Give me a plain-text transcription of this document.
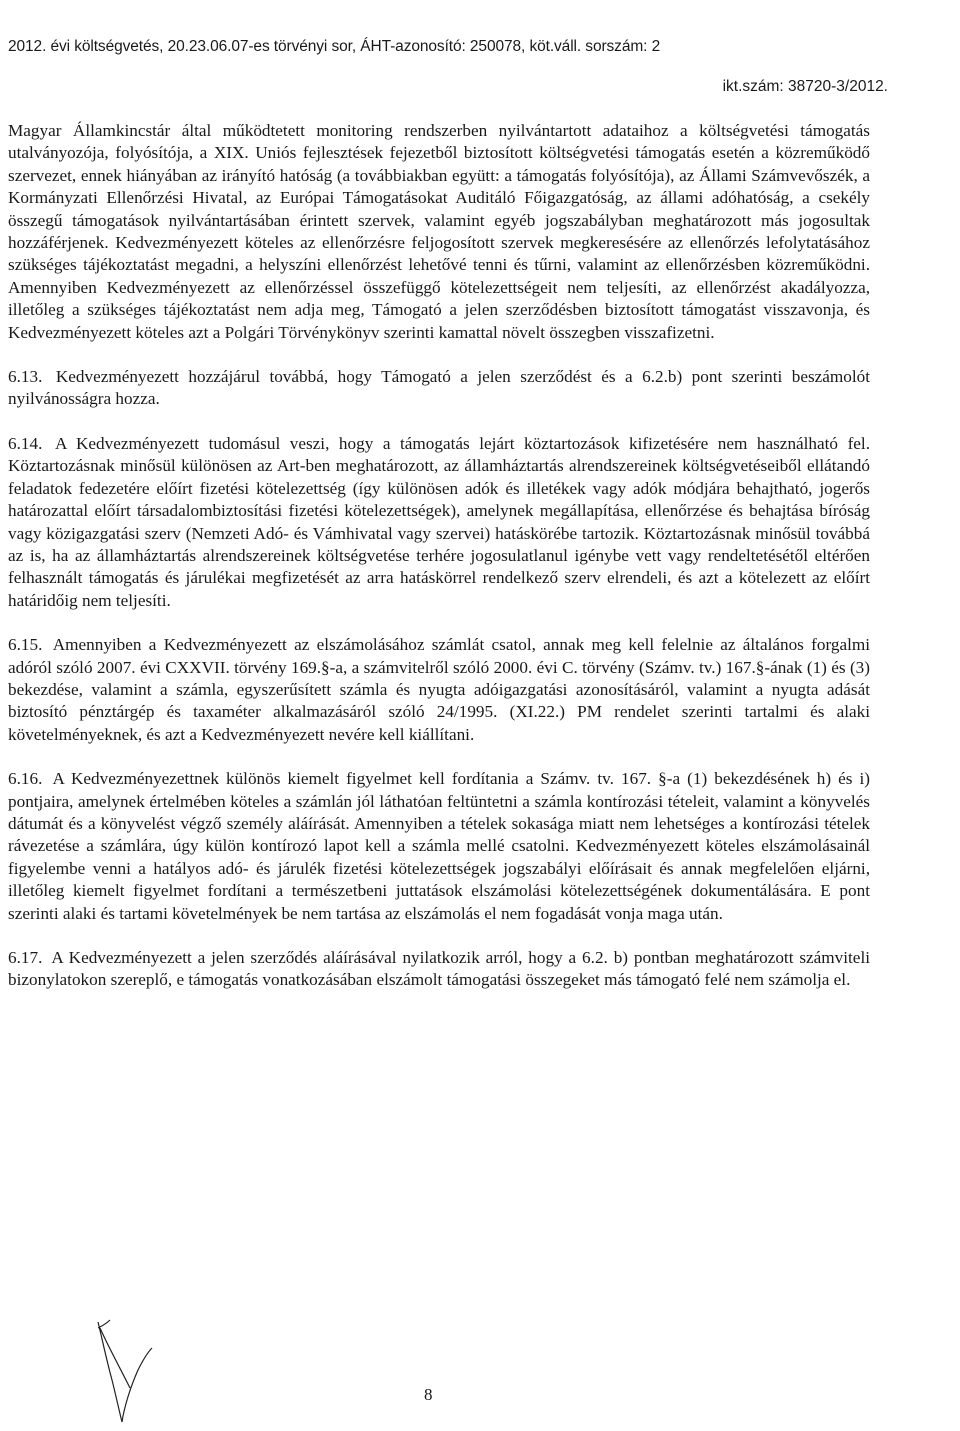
2012. évi költségvetés, 20.23.06.07-es törvényi sor, ÁHT-azonosító: 250078, köt.váll. sorszám: 2
ikt.szám: 38720-3/2012.

Magyar Államkincstár által működtetett monitoring rendszerben nyilvántartott adataihoz a költségvetési támogatás utalványozója, folyósítója, a XIX. Uniós fejlesztések fejezetből biztosított költségvetési támogatás esetén a közreműködő szervezet, ennek hiányában az irányító hatóság (a továbbiakban együtt: a támogatás folyósítója), az Állami Számvevőszék, a Kormányzati Ellenőrzési Hivatal, az Európai Támogatásokat Auditáló Főigazgatóság, az állami adóhatóság, a csekély összegű támogatások nyilvántartásában érintett szervek, valamint egyéb jogszabályban meghatározott más jogosultak hozzáférjenek. Kedvezményezett köteles az ellenőrzésre feljogosított szervek megkeresésére az ellenőrzés lefolytatásához szükséges tájékoztatást megadni, a helyszíni ellenőrzést lehetővé tenni és tűrni, valamint az ellenőrzésben közreműködni. Amennyiben Kedvezményezett az ellenőrzéssel összefüggő kötelezettségeit nem teljesíti, az ellenőrzést akadályozza, illetőleg a szükséges tájékoztatást nem adja meg, Támogató a jelen szerződésben biztosított támogatást visszavonja, és Kedvezményezett köteles azt a Polgári Törvénykönyv szerinti kamattal növelt összegben visszafizetni.

6.13. Kedvezményezett hozzájárul továbbá, hogy Támogató a jelen szerződést és a 6.2.b) pont szerinti beszámolót nyilvánosságra hozza.

6.14. A Kedvezményezett tudomásul veszi, hogy a támogatás lejárt köztartozások kifizetésére nem használható fel. Köztartozásnak minősül különösen az Art-ben meghatározott, az államháztartás alrendszereinek költségvetéseiből ellátandó feladatok fedezetére előírt fizetési kötelezettség (így különösen adók és illetékek vagy adók módjára behajtható, jogerős határozattal előírt társadalombiztosítási fizetési kötelezettségek), amelynek megállapítása, ellenőrzése és behajtása bíróság vagy közigazgatási szerv (Nemzeti Adó- és Vámhivatal vagy szervei) hatáskörébe tartozik. Köztartozásnak minősül továbbá az is, ha az államháztartás alrendszereinek költségvetése terhére jogosulatlanul igénybe vett vagy rendeltetésétől eltérően felhasznált támogatás és járulékai megfizetését az arra hatáskörrel rendelkező szerv elrendeli, és azt a kötelezett az előírt határidőig nem teljesíti.

6.15. Amennyiben a Kedvezményezett az elszámolásához számlát csatol, annak meg kell felelnie az általános forgalmi adóról szóló 2007. évi CXXVII. törvény 169.§-a, a számvitelről szóló 2000. évi C. törvény (Számv. tv.) 167.§-ának (1) és (3) bekezdése, valamint a számla, egyszerűsített számla és nyugta adóigazgatási azonosításáról, valamint a nyugta adását biztosító pénztárgép és taxaméter alkalmazásáról szóló 24/1995. (XI.22.) PM rendelet szerinti tartalmi és alaki követelményeknek, és azt a Kedvezményezett nevére kell kiállítani.

6.16. A Kedvezményezettnek különös kiemelt figyelmet kell fordítania a Számv. tv. 167. §-a (1) bekezdésének h) és i) pontjaira, amelynek értelmében köteles a számlán jól láthatóan feltüntetni a számla kontírozási tételeit, valamint a könyvelés dátumát és a könyvelést végző személy aláírását. Amennyiben a tételek sokasága miatt nem lehetséges a kontírozási tételek rávezetése a számlára, úgy külön kontírozó lapot kell a számla mellé csatolni. Kedvezményezett köteles elszámolásainál figyelembe venni a hatályos adó- és járulék fizetési kötelezettségek jogszabályi előírásait és annak megfelelően eljárni, illetőleg kiemelt figyelmet fordítani a természetbeni juttatások elszámolási kötelezettségének dokumentálására. E pont szerinti alaki és tartami követelmények be nem tartása az elszámolás el nem fogadását vonja maga után.

6.17. A Kedvezményezett a jelen szerződés aláírásával nyilatkozik arról, hogy a 6.2. b) pontban meghatározott számviteli bizonylatokon szereplő, e támogatás vonatkozásában elszámolt támogatási összegeket más támogató felé nem számolja el.

8
